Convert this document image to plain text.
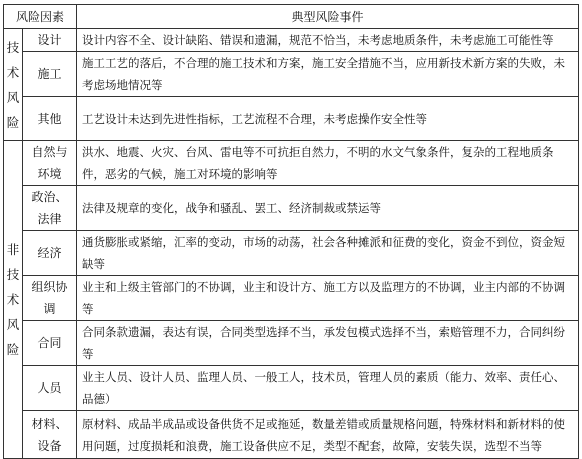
风险因素		典型风险事件

技
术
风
险	设计	设计内容不全、设计缺陷、错误和遗漏，规范不恰当，未考虑地质条件，未考虑施工可能性等
	施工	施工工艺的落后，不合理的施工技术和方案，施工安全措施不当，应用新技术新方案的失败，未考虑场地情况等
	其他	工艺设计未达到先进性指标，工艺流程不合理，未考虑操作安全性等

非
技
术
风
险	自然与环境	洪水、地震、火灾、台风、雷电等不可抗拒自然力，不明的水文气象条件，复杂的工程地质条件，恶劣的气候，施工对环境的影响等
	政治、法律	法律及规章的变化，战争和骚乱、罢工、经济制裁或禁运等
	经济	通货膨胀或紧缩，汇率的变动，市场的动荡，社会各种摊派和征费的变化，资金不到位，资金短缺等
	组织协调	业主和上级主管部门的不协调，业主和设计方、施工方以及监理方的不协调，业主内部的不协调等
	合同	合同条款遗漏，表达有误，合同类型选择不当，承发包模式选择不当，索赔管理不力，合同纠纷等
	人员	业主人员、设计人员、监理人员、一般工人，技术员，管理人员的素质（能力、效率、责任心、品德）
	材料、设备	原材料、成品半成品或设备供货不足或拖延，数量差错或质量规格问题，特殊材料和新材料的使用问题，过度损耗和浪费，施工设备供应不足，类型不配套，故障，安装失误，选型不当等
